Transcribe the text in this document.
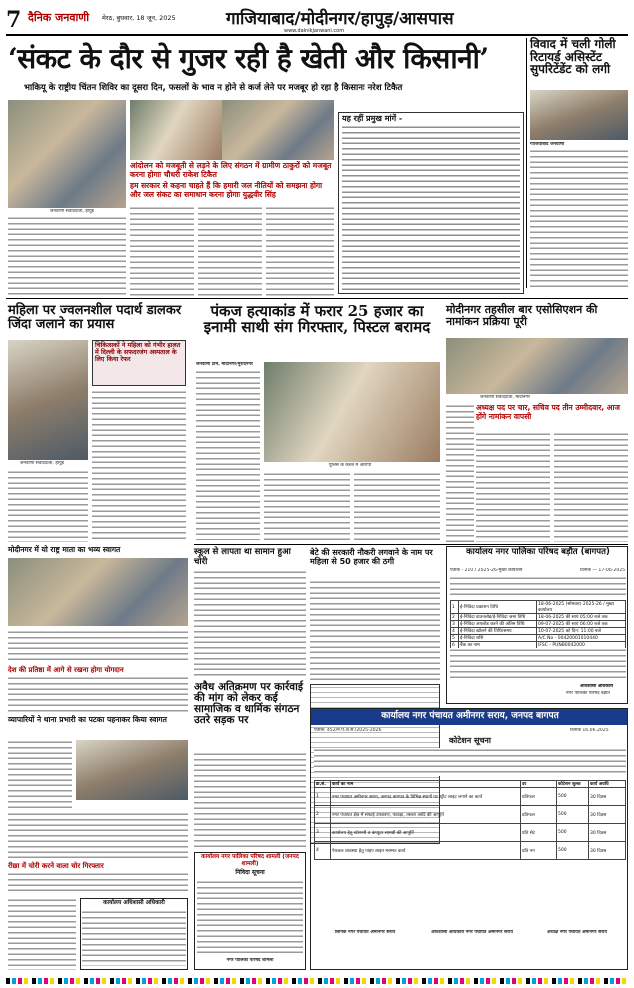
7 दैनिक जनवाणी मेरठ, बुधवार, 18 जून, 2025	गाजियाबाद/मोदीनगर/हापुड़/आसपास
www.dainikjanwani.com
‘संकट के दौर से गुजर रही है खेती और किसानी’
भाकियू के राष्ट्रीय चिंतन शिविर का दूसरा दिन, फसलों के भाव न होने से कर्ज लेने पर मजबूर हो रहा है किसानः नरेश टिकैत
विवाद में चली गोली रिटायर्ड असिस्टेंट सुपरिटेंडेंट को लगी
गाजियाबाद जनवाणी
जनवाणी संवाददाता, हापुड़
आंदोलन को मजबूती से लड़ने के लिए संगठन में ग्रामीण ठाकुरों को मजबूत करना होगाः चौधरी राकेश टिकैत
हम सरकार से कहना चाहते हैं कि हमारी जल नीतियों को समझना होगा और जल संकट का समाधान करना होगाः युद्धवीर सिंह
यह रहीं प्रमुख मांगें -
महिला पर ज्वलनशील पदार्थ डालकर जिंदा जलाने का प्रयास
जनवाणी संवाददाता, हापुड़
चिकित्सकों ने महिला को गंभीर हालत में दिल्ली के सफदरजंग अस्पताल के लिए किया रेफर
पंकज हत्याकांड में फरार 25 हजार का इनामी साथी संग गिरफ्तार, पिस्टल बरामद
जनवाणी टीम, मोदीनगर/मुरादनगर
पुलिस के कब्जे में आरोपी
मोदीनगर तहसील बार एसोसिएशन की नामांकन प्रक्रिया पूरी
जनवाणी संवाददाता, मोदीनगर
अध्यक्ष पद पर चार, सचिव पद तीन उम्मीदवार, आज होंगे नामांकन वापसी
मोदीनगर में यो राष्ट्र माता का भव्य स्वागत
देश की प्रतिष्ठा में आगे से रखना होगा योगदान
व्यापारियों ने थाना प्रभारी का पटका पहनाकर किया स्वागत
रीछा में चोरी करने वाला चोर गिरफ्तार
स्कूल से लापता था सामान हुआ चोरी
बेटे की सरकारी नौकरी लगवाने के नाम पर महिला से 50 हजार की ठगी
अवैध अतिक्रमण पर कार्रवाई की मांग को लेकर कई सामाजिक व धार्मिक संगठन उतरे सड़क पर
कार्यालय नगर पालिका परिषद बड़ौत (बागपत)
पत्रांक - 210 / 2025-26-मुख्य कार्यालय	दिनांक — 17-06-2025
1	ई-निविदा प्रकाशन तिथि	18-06-2025 (सोमवार) 2025-26 / मुख्य कार्यालय
2	ई-निविदा डाउनलोड/ई-निविदा जमा तिथि	18-06-2025 की सायं 05:00 बजे तक
3	ई-निविदा अपलोड करने की अंतिम तिथि	09-07-2025 की सायं 06:00 बजे तक
4	ई-निविदा खोलने की तिथि/समय	10-07-2025 को दिन: 11:00 बजे
5	ई-निविदा राशि	A/C No - 00420001010440
6	बैंक का नाम	IFSC - PUNB0042000
अधिशासी अधिकारी
नगर पालिका परिषद बड़ौत
कार्यालय नगर पंचायत अमीनगर सराय, जनपद बागपत
पत्रांक: 452/न.पं.अ.स./2025-2026	दिनांक 16.06.2025
कोटेशन सूचना
क्र.सं.	कार्य का नाम	दर	कोटेशन शुल्क	कार्य अवधि
1	नगर पंचायत अमीनगर सराय, जनपद बागपत के विभिन्न स्थानों पर स्ट्रीट लाइट लगाने का कार्य	प्रतिफल	500	30 दिवस
2	नगर पंचायत क्षेत्र में सफाई उपकरण, फावड़ा, तसला आदि की आपूर्ति	प्रतिफल	500	30 दिवस
3	कार्यालय हेतु स्टेशनरी व कंप्यूटर सामग्री की आपूर्ति	प्रति सेट	500	30 दिवस
4	पेयजल व्यवस्था हेतु पाइप लाइन मरम्मत कार्य	प्रति नग	500	30 दिवस
लिपिक नगर पंचायत अमीनगर सराय	अधिशासी अधिकारी नगर पंचायत अमीनगर सराय	अध्यक्ष नगर पंचायत अमीनगर सराय
कार्यालय नगर पालिका परिषद शामली (जनपद शामली)
निविदा सूचना
नगर पालिका परिषद शामली
कार्यालय अधिशासी अधिकारी
